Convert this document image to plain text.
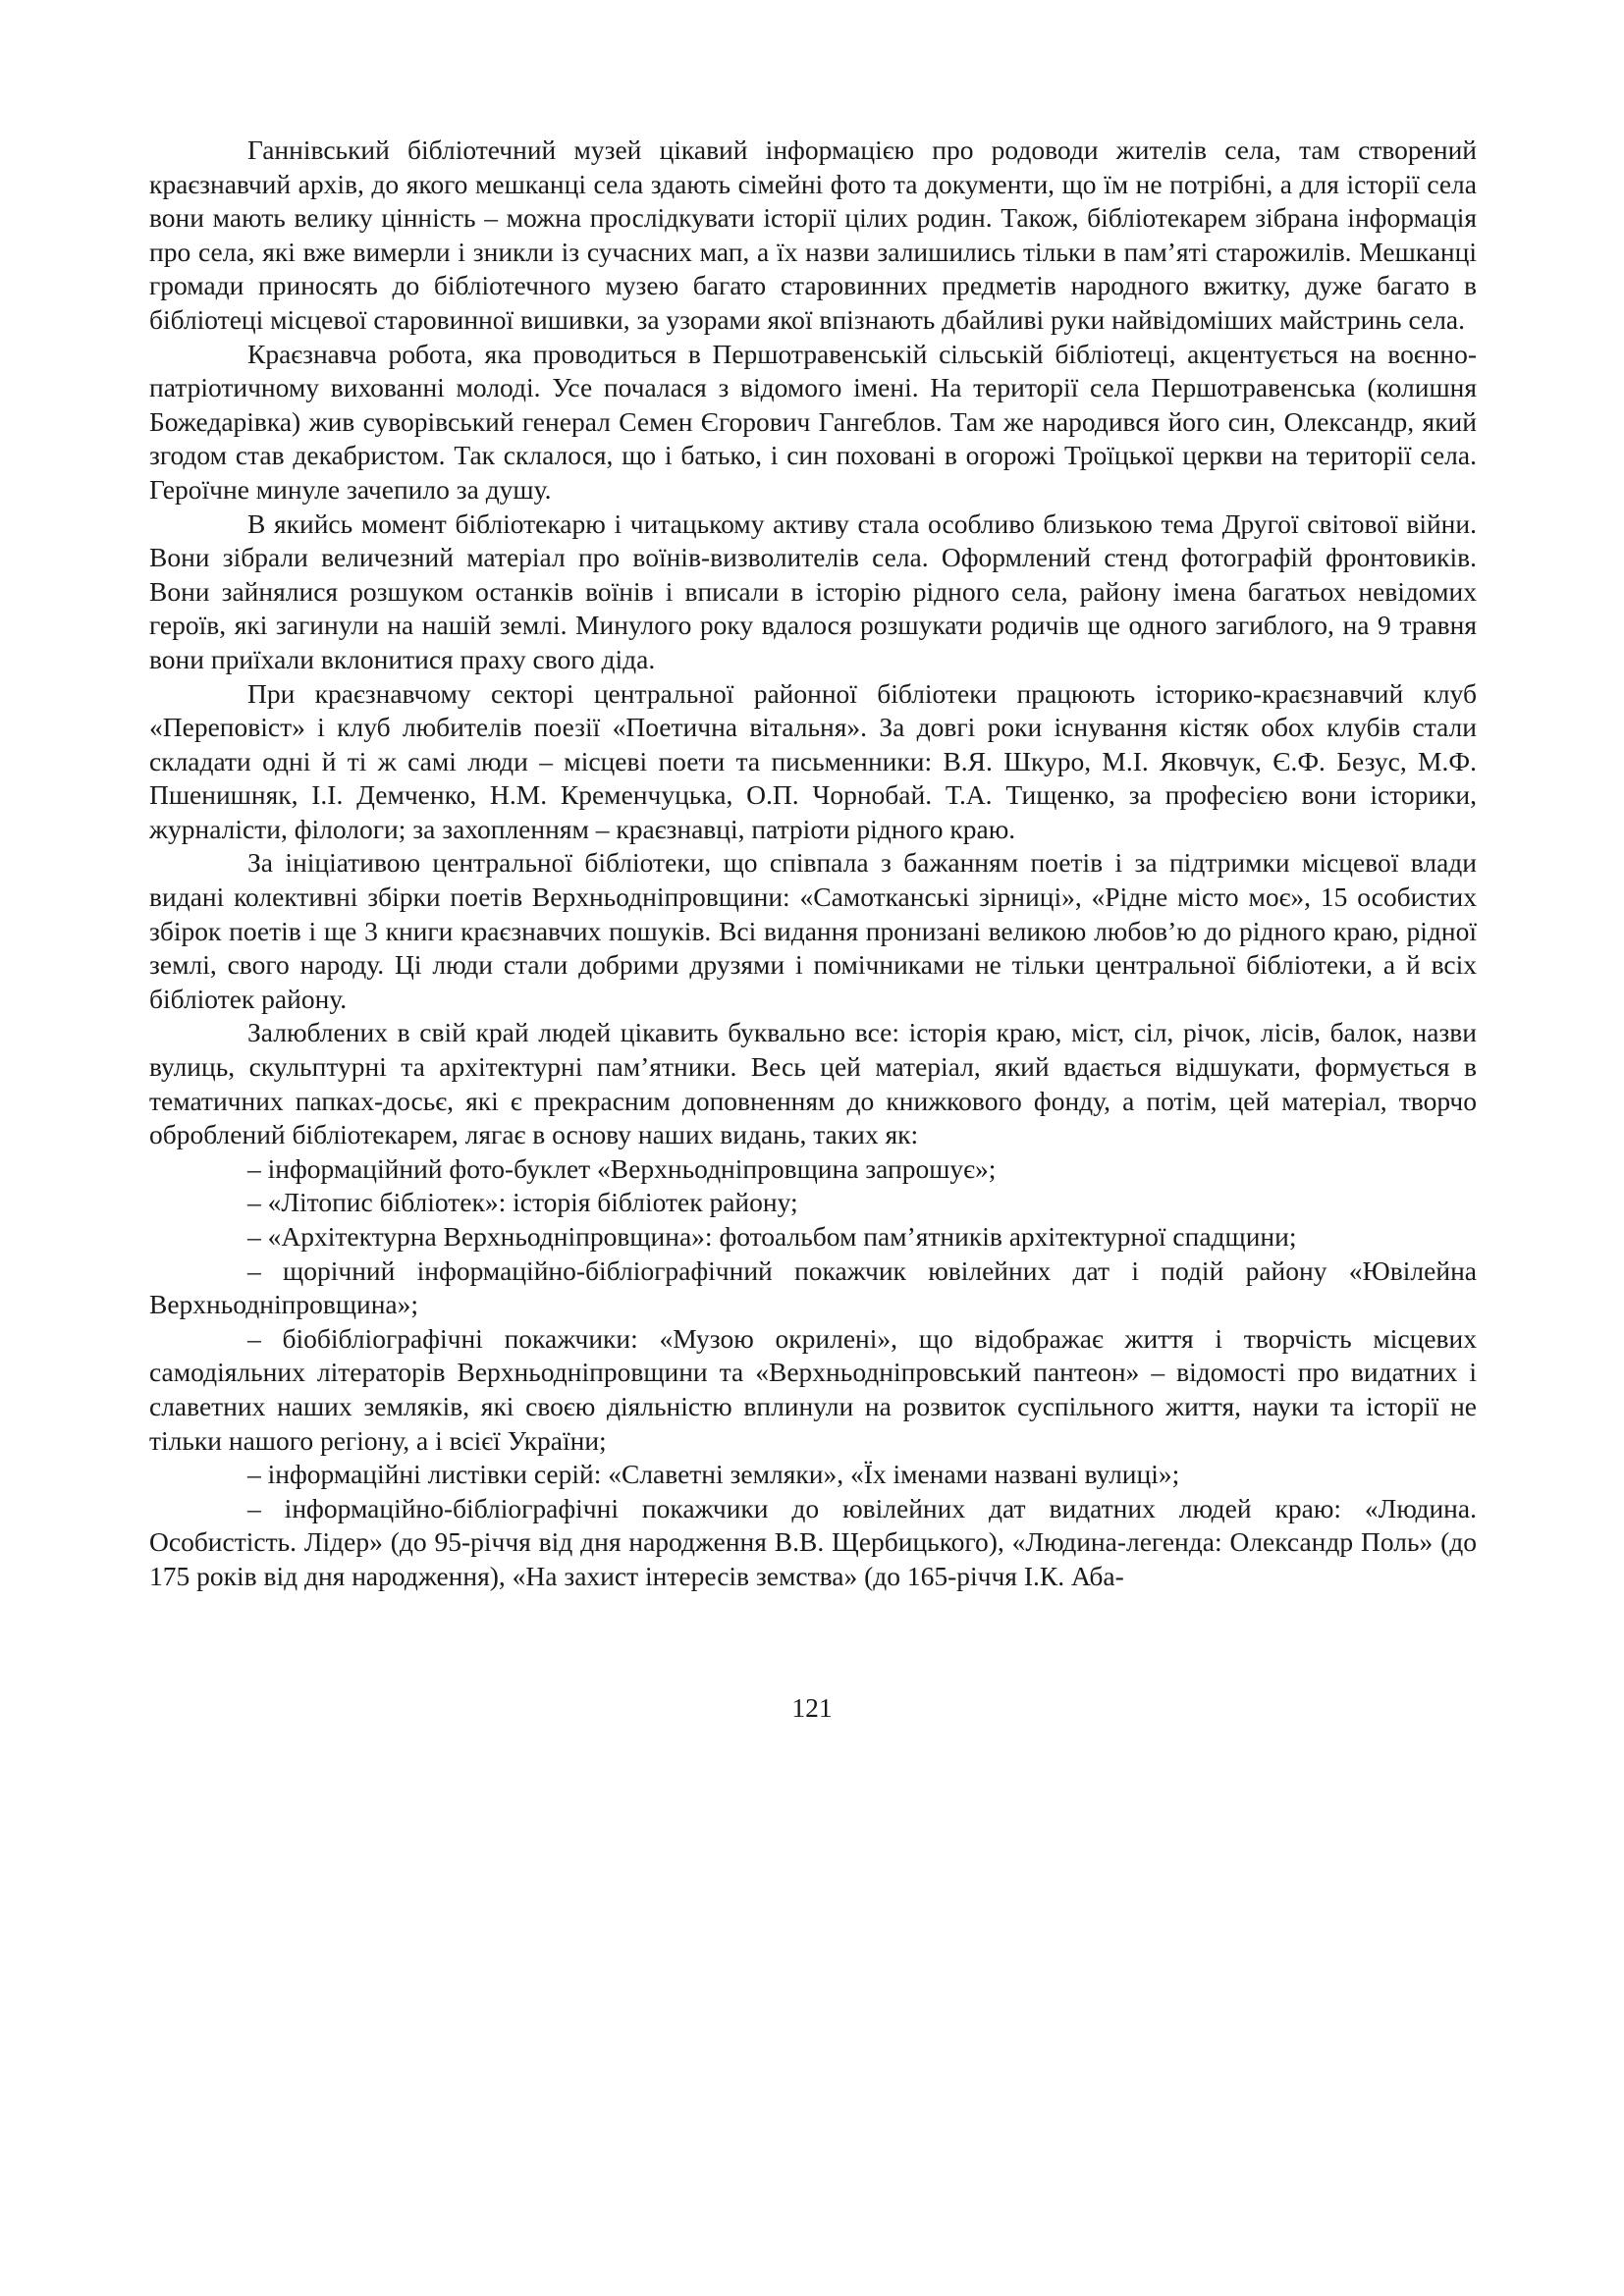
Ганнівський бібліотечний музей цікавий інформацією про родоводи жителів села, там створений краєзнавчий архів, до якого мешканці села здають сімейні фото та документи, що їм не потрібні, а для історії села вони мають велику цінність – можна прослідкувати історії цілих родин. Також, бібліотекарем зібрана інформація про села, які вже вимерли і зникли із сучасних мап, а їх назви залишились тільки в пам’яті старожилів. Мешканці громади приносять до бібліотечного музею багато старовинних предметів народного вжитку, дуже багато в бібліотеці місцевої старовинної вишивки, за узорами якої впізнають дбайливі руки найвідоміших майстринь села.

Краєзнавча робота, яка проводиться в Першотравенській сільській бібліотеці, акцентується на воєнно-патріотичному вихованні молоді. Усе почалася з відомого імені. На території села Першотравенська (колишня Божедарівка) жив суворівський генерал Семен Єгорович Гангеблов. Там же народився його син, Олександр, який згодом став декабристом. Так склалося, що і батько, і син поховані в огорожі Троїцької церкви на території села. Героїчне минуле зачепило за душу.

В якийсь момент бібліотекарю і читацькому активу стала особливо близькою тема Другої світової війни. Вони зібрали величезний матеріал про воїнів-визволителів села. Оформлений стенд фотографій фронтовиків. Вони зайнялися розшуком останків воїнів і вписали в історію рідного села, району імена багатьох невідомих героїв, які загинули на нашій землі. Минулого року вдалося розшукати родичів ще одного загиблого, на 9 травня вони приїхали вклонитися праху свого діда.

При краєзнавчому секторі центральної районної бібліотеки працюють історико-краєзнавчий клуб «Переповіст» і клуб любителів поезії «Поетична вітальня». За довгі роки існування кістяк обох клубів стали складати одні й ті ж самі люди – місцеві поети та письменники: В.Я. Шкуро, М.І. Яковчук, Є.Ф. Безус, М.Ф. Пшенишняк, І.І. Демченко, Н.М. Кременчуцька, О.П. Чорнобай. Т.А. Тищенко, за професією вони історики, журналісти, філологи; за захопленням – краєзнавці, патріоти рідного краю.

За ініціативою центральної бібліотеки, що співпала з бажанням поетів і за підтримки місцевої влади видані колективні збірки поетів Верхньодніпровщини: «Самотканські зірниці», «Рідне місто моє», 15 особистих збірок поетів і ще 3 книги краєзнавчих пошуків. Всі видання пронизані великою любов’ю до рідного краю, рідної землі, свого народу. Ці люди стали добрими друзями і помічниками не тільки центральної бібліотеки, а й всіх бібліотек району.

Залюблених в свій край людей цікавить буквально все: історія краю, міст, сіл, річок, лісів, балок, назви вулиць, скульптурні та архітектурні пам’ятники. Весь цей матеріал, який вдається відшукати, формується в тематичних папках-досьє, які є прекрасним доповненням до книжкового фонду, а потім, цей матеріал, творчо оброблений бібліотекарем, лягає в основу наших видань, таких як:

– інформаційний фото-буклет «Верхньодніпровщина запрошує»;

– «Літопис бібліотек»: історія бібліотек району;

– «Архітектурна Верхньодніпровщина»: фотоальбом пам’ятників архітектурної спадщини;

– щорічний інформаційно-бібліографічний покажчик ювілейних дат і подій району «Ювілейна Верхньодніпровщина»;

– біобібліографічні покажчики: «Музою окрилені», що відображає життя і творчість місцевих самодіяльних літераторів Верхньодніпровщини та «Верхньодніпровський пантеон» – відомості про видатних і славетних наших земляків, які своєю діяльністю вплинули на розвиток суспільного життя, науки та історії не тільки нашого регіону, а і всієї України;

– інформаційні листівки серій: «Славетні земляки», «Їх іменами названі вулиці»;

– інформаційно-бібліографічні покажчики до ювілейних дат видатних людей краю: «Людина. Особистість. Лідер» (до 95-річчя від дня народження В.В. Щербицького), «Людина-легенда: Олександр Поль» (до 175 років від дня народження), «На захист інтересів земства» (до 165-річчя І.К. Аба-

121
